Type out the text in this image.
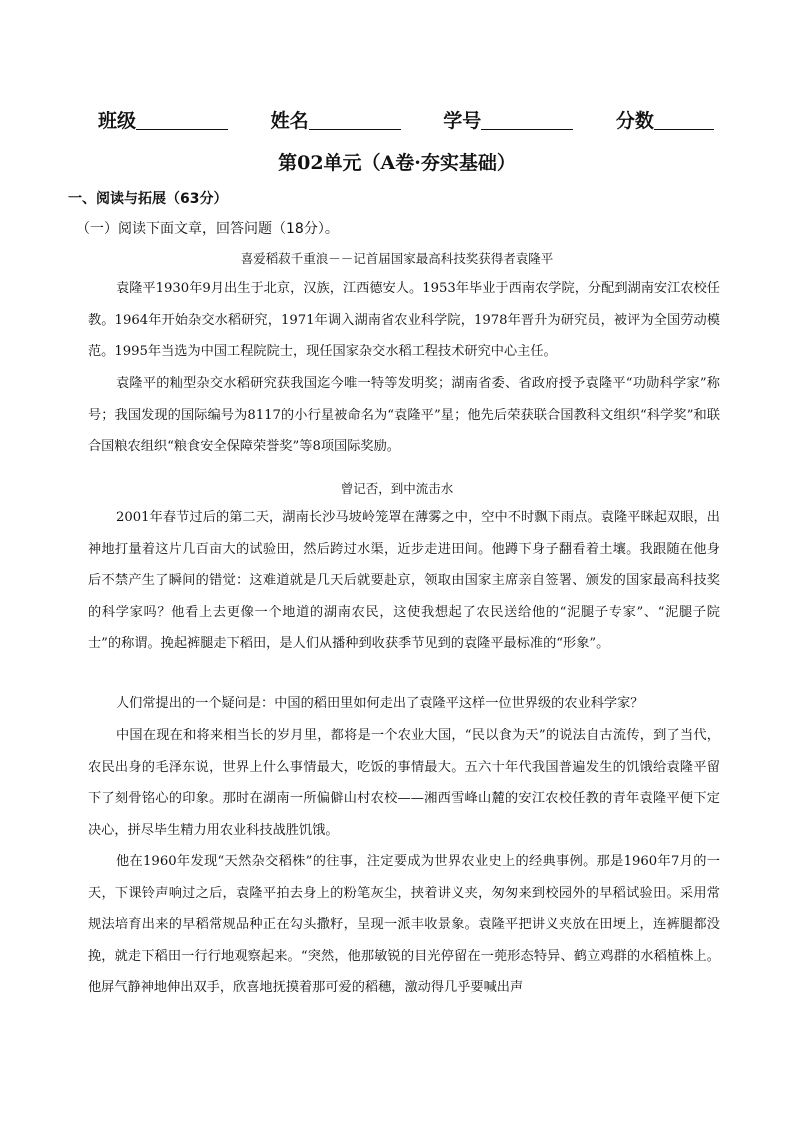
班级	姓名	学号	分数
第02单元（A卷·夯实基础）
一、阅读与拓展（63分）
（一）阅读下面文章，回答问题（18分）。
喜爱稻菽千重浪－－记首届国家最高科技奖获得者袁隆平

袁隆平1930年9月出生于北京，汉族，江西德安人。1953年毕业于西南农学院，分配到湖南安江农校任教。1964年开始杂交水稻研究，1971年调入湖南省农业科学院，1978年晋升为研究员，被评为全国劳动模范。1995年当选为中国工程院院士，现任国家杂交水稻工程技术研究中心主任。

袁隆平的籼型杂交水稻研究获我国迄今唯一特等发明奖；湖南省委、省政府授予袁隆平“功勋科学家”称号；我国发现的国际编号为8117的小行星被命名为“袁隆平”星；他先后荣获联合国教科文组织“科学奖”和联合国粮农组织“粮食安全保障荣誉奖”等8项国际奖励。

曾记否，到中流击水

2001年春节过后的第二天，湖南长沙马坡岭笼罩在薄雾之中，空中不时飘下雨点。袁隆平眯起双眼，出神地打量着这片几百亩大的试验田，然后跨过水渠，近步走进田间。他蹲下身子翻看着土壤。我跟随在他身后不禁产生了瞬间的错觉：这难道就是几天后就要赴京，领取由国家主席亲自签署、颁发的国家最高科技奖的科学家吗？他看上去更像一个地道的湖南农民，这使我想起了农民送给他的“泥腿子专家”、“泥腿子院士”的称谓。挽起裤腿走下稻田，是人们从播种到收获季节见到的袁隆平最标准的“形象”。

人们常提出的一个疑问是：中国的稻田里如何走出了袁隆平这样一位世界级的农业科学家？

中国在现在和将来相当长的岁月里，都将是一个农业大国，“民以食为天”的说法自古流传，到了当代，农民出身的毛泽东说，世界上什么事情最大，吃饭的事情最大。五六十年代我国普遍发生的饥饿给袁隆平留下了刻骨铭心的印象。那时在湖南一所偏僻山村农校——湘西雪峰山麓的安江农校任教的青年袁隆平便下定决心，拼尽毕生精力用农业科技战胜饥饿。

他在1960年发现“天然杂交稻株”的往事，注定要成为世界农业史上的经典事例。那是1960年7月的一天，下课铃声响过之后，袁隆平拍去身上的粉笔灰尘，挟着讲义夹，匆匆来到校园外的早稻试验田。采用常规法培育出来的早稻常规品种正在勾头撒籽，呈现一派丰收景象。袁隆平把讲义夹放在田埂上，连裤腿都没挽，就走下稻田一行行地观察起来。“突然，他那敏锐的目光停留在一蔸形态特异、鹤立鸡群的水稻植株上。他屏气静神地伸出双手，欣喜地抚摸着那可爱的稻穗，激动得几乎要喊出声
